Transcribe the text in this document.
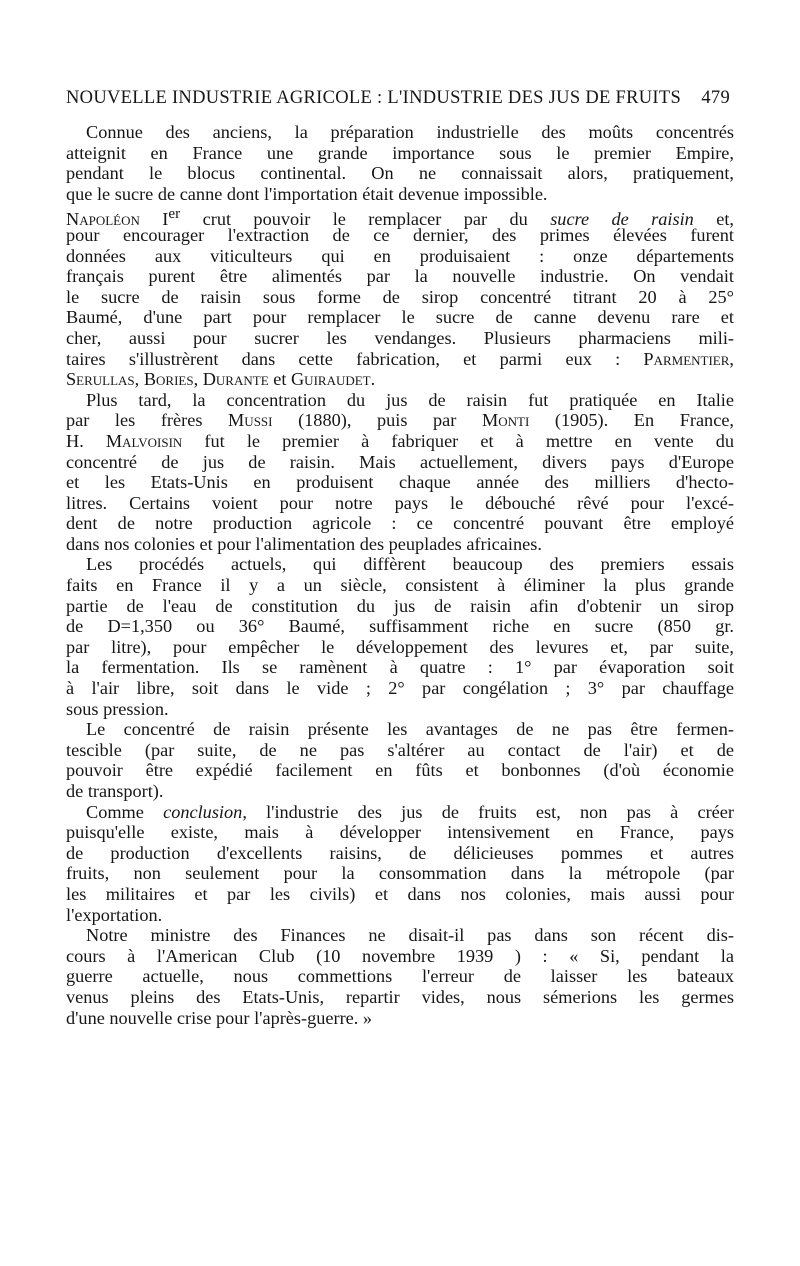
NOUVELLE INDUSTRIE AGRICOLE : L'INDUSTRIE DES JUS DE FRUITS 479
Connue des anciens, la préparation industrielle des moûts concentrés
atteignit en France une grande importance sous le premier Empire,
pendant le blocus continental. On ne connaissait alors, pratiquement,
que le sucre de canne dont l'importation était devenue impossible.
Napoléon Ier crut pouvoir le remplacer par du sucre de raisin et,
pour encourager l'extraction de ce dernier, des primes élevées furent
données aux viticulteurs qui en produisaient : onze départements
français purent être alimentés par la nouvelle industrie. On vendait
le sucre de raisin sous forme de sirop concentré titrant 20 à 25°
Baumé, d'une part pour remplacer le sucre de canne devenu rare et
cher, aussi pour sucrer les vendanges. Plusieurs pharmaciens mili-
taires s'illustrèrent dans cette fabrication, et parmi eux : Parmentier,
Serullas, Bories, Durante et Guiraudet.
Plus tard, la concentration du jus de raisin fut pratiquée en Italie
par les frères Mussi (1880), puis par Monti (1905). En France,
H. Malvoisin fut le premier à fabriquer et à mettre en vente du
concentré de jus de raisin. Mais actuellement, divers pays d'Europe
et les Etats-Unis en produisent chaque année des milliers d'hecto-
litres. Certains voient pour notre pays le débouché rêvé pour l'excé-
dent de notre production agricole : ce concentré pouvant être employé
dans nos colonies et pour l'alimentation des peuplades africaines.
Les procédés actuels, qui diffèrent beaucoup des premiers essais
faits en France il y a un siècle, consistent à éliminer la plus grande
partie de l'eau de constitution du jus de raisin afin d'obtenir un sirop
de D=1,350 ou 36° Baumé, suffisamment riche en sucre (850 gr.
par litre), pour empêcher le développement des levures et, par suite,
la fermentation. Ils se ramènent à quatre : 1° par évaporation soit
à l'air libre, soit dans le vide ; 2° par congélation ; 3° par chauffage
sous pression.
Le concentré de raisin présente les avantages de ne pas être fermen-
tescible (par suite, de ne pas s'altérer au contact de l'air) et de
pouvoir être expédié facilement en fûts et bonbonnes (d'où économie
de transport).
Comme conclusion, l'industrie des jus de fruits est, non pas à créer
puisqu'elle existe, mais à développer intensivement en France, pays
de production d'excellents raisins, de délicieuses pommes et autres
fruits, non seulement pour la consommation dans la métropole (par
les militaires et par les civils) et dans nos colonies, mais aussi pour
l'exportation.
Notre ministre des Finances ne disait-il pas dans son récent dis-
cours à l'American Club (10 novembre 1939 ) : « Si, pendant la
guerre actuelle, nous commettions l'erreur de laisser les bateaux
venus pleins des Etats-Unis, repartir vides, nous sémerions les germes
d'une nouvelle crise pour l'après-guerre. »
